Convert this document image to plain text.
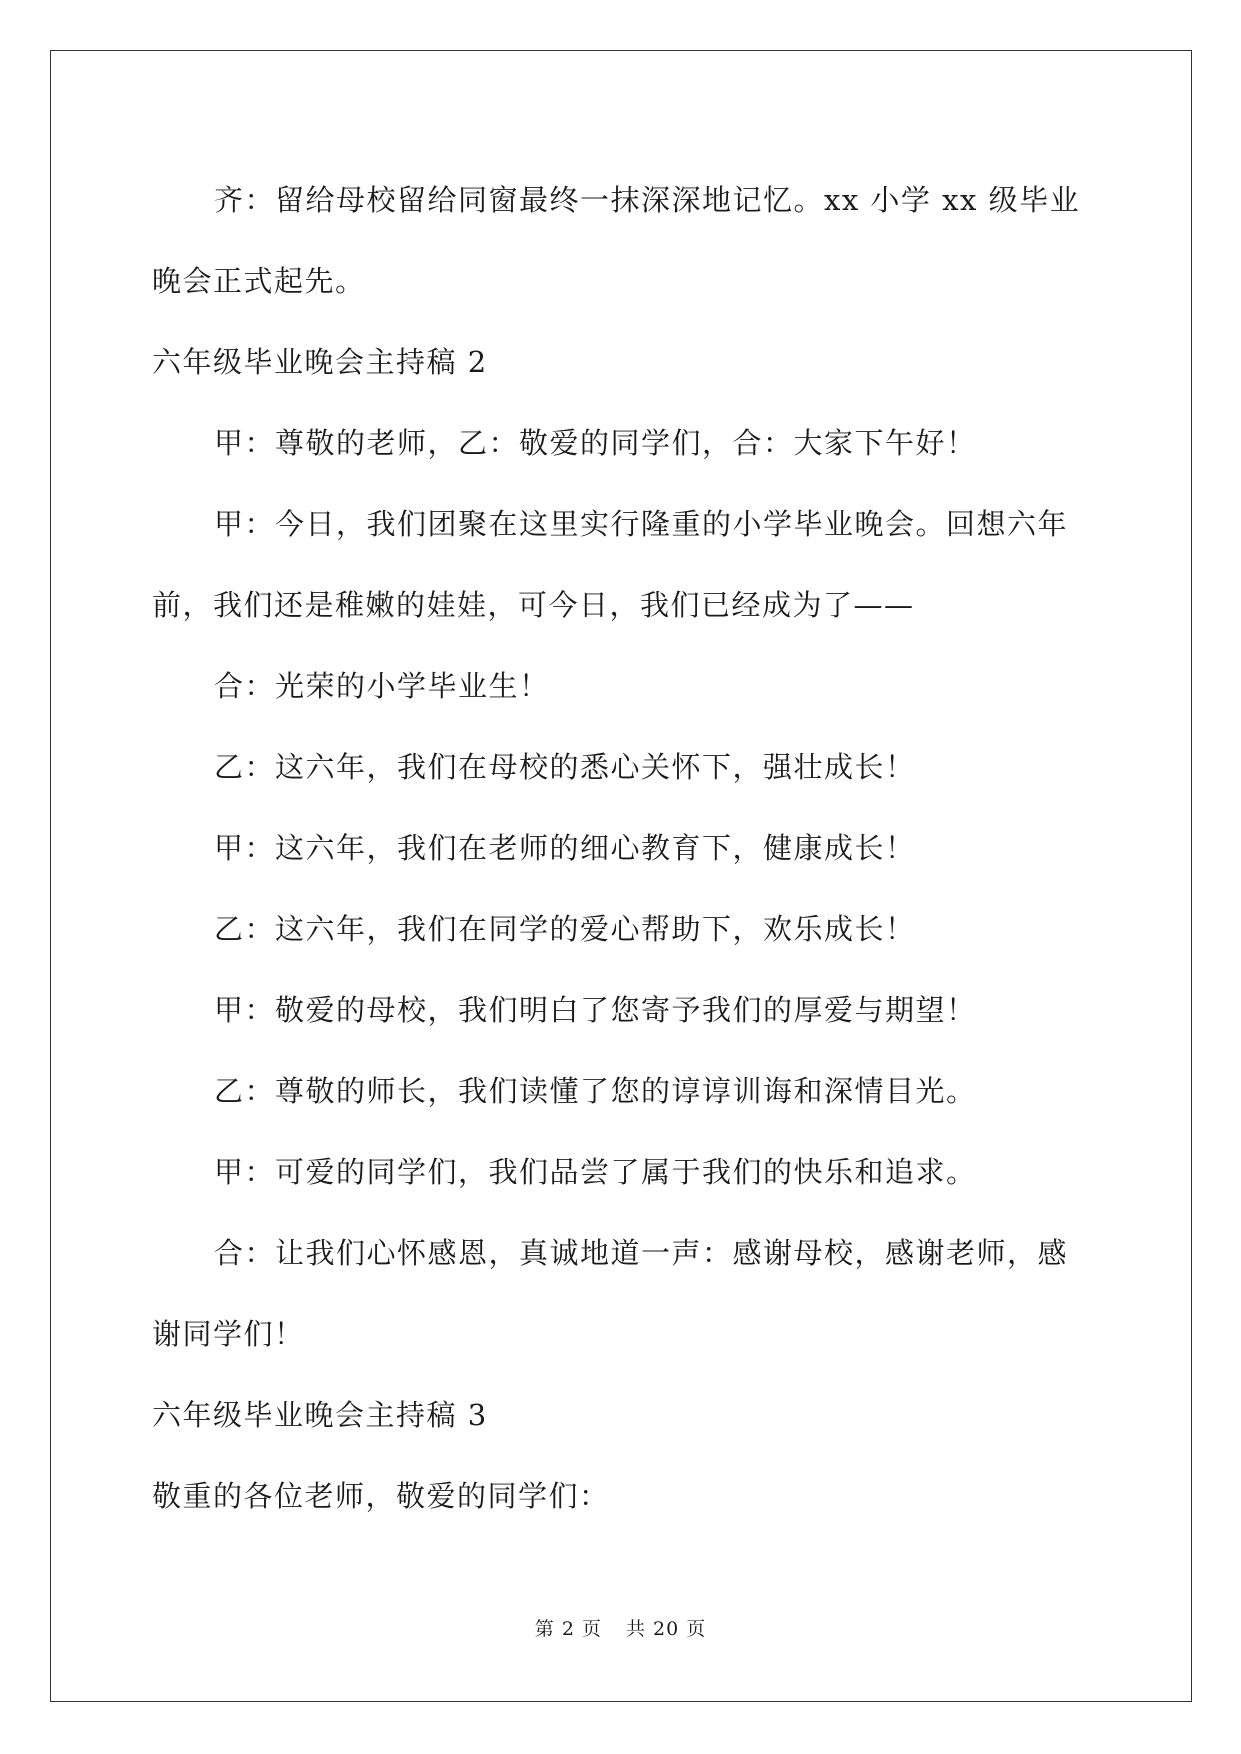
齐：留给母校留给同窗最终一抹深深地记忆。xx 小学 xx 级毕业晚会正式起先。

六年级毕业晚会主持稿 2

甲：尊敬的老师，乙：敬爱的同学们，合：大家下午好！

甲：今日，我们团聚在这里实行隆重的小学毕业晚会。回想六年前，我们还是稚嫩的娃娃，可今日，我们已经成为了——

合：光荣的小学毕业生！

乙：这六年，我们在母校的悉心关怀下，强壮成长！

甲：这六年，我们在老师的细心教育下，健康成长！

乙：这六年，我们在同学的爱心帮助下，欢乐成长！

甲：敬爱的母校，我们明白了您寄予我们的厚爱与期望！

乙：尊敬的师长，我们读懂了您的谆谆训诲和深情目光。

甲：可爱的同学们，我们品尝了属于我们的快乐和追求。

合：让我们心怀感恩，真诚地道一声：感谢母校，感谢老师，感谢同学们！

六年级毕业晚会主持稿 3

敬重的各位老师，敬爱的同学们：

第 2 页 共 20 页
